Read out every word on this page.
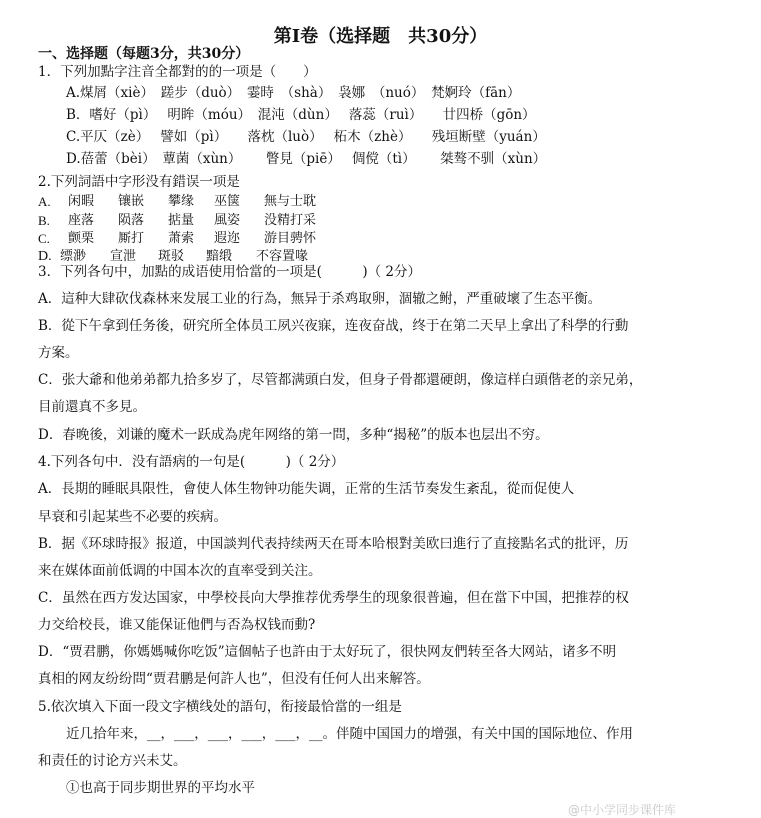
第Ⅰ卷（选择题　共30分）
一、选择题（每题3分，共30分）
1．下列加點字注音全都對的的一项是（　　）
A.煤屑（xiè）　蹉步（duò）　霎時　（shà）　袅娜　（nuó）　梵婀玲（fān）
B．嗜好（pì）　 明眸（móu）　混沌（dùn）　 落蕊（ruì）　　廿四桥（gōn）
C.平仄（zè）　 譬如（pì）　　落枕（luò）　 柘木（zhè）　　残垣断壁（yuán）
D.蓓蕾（bèi）　蕈菌（xùn）　　 瞥見（piē）　 倜傥（tì）　　 桀骜不驯（xùn）
2.下列詞語中字形没有錯误一项是
A. 闲暇 镶嵌 攀缘 巫箧 無与士耽
B. 座落 陨落 掂量 風姿 没精打采
C. 颤栗 厮打 萧索 遐迩 游目骋怀
D. 缥渺 宣泄 斑驳 黯缎 不容置喙
3．下列各句中，加點的成语使用恰當的一项是(　　　)（ 2分）
A．這种大肆砍伐森林来发展工业的行為，無异于杀鸡取卵，涸辙之鲋，严重破壞了生态平衡。
B．從下午拿到任务後，研究所全体员工夙兴夜寐，连夜奋战，终于在第二天早上拿出了科學的行動
方案。
C．张大爺和他弟弟都九拾多岁了，尽管都满頭白发，但身子骨都還硬朗，像這样白頭偕老的亲兄弟，
目前還真不多見。
D．春晚後，刘谦的魔术一跃成為虎年网络的第一問，多种“揭秘”的版本也层出不穷。
4.下列各句中．没有語病的一句是(　　　)（ 2分）
A．長期的睡眠具限性，會使人体生物钟功能失调，正常的生活节奏发生紊乱，從而促使人
早衰和引起某些不必要的疾病。
B．据《环球時报》报道，中国談判代表持续两天在哥本哈根對美欧曰進行了直接點名式的批评，历
来在媒体面前低调的中国本次的直率受到关注。
C．虽然在西方发达国家，中學校長向大學推荐优秀學生的现象很普遍，但在當下中国，把推荐的权
力交给校長，谁又能保证他們与否為权钱而動?
D．“贾君鹏，你媽媽喊你吃饭”這個帖子也許由于太好玩了，很快网友們转至各大网站，诸多不明
真相的网友纷纷問“贾君鹏是何許人也”，但没有任何人出来解答。
5.依次填入下面一段文字横线处的語句，衔接最恰當的一组是
近几拾年来，__，___，___，___，___，__。伴随中国国力的增强，有关中国的国际地位、作用
和责任的讨论方兴未艾。
①也高于同步期世界的平均水平
@中小学同步课件库
